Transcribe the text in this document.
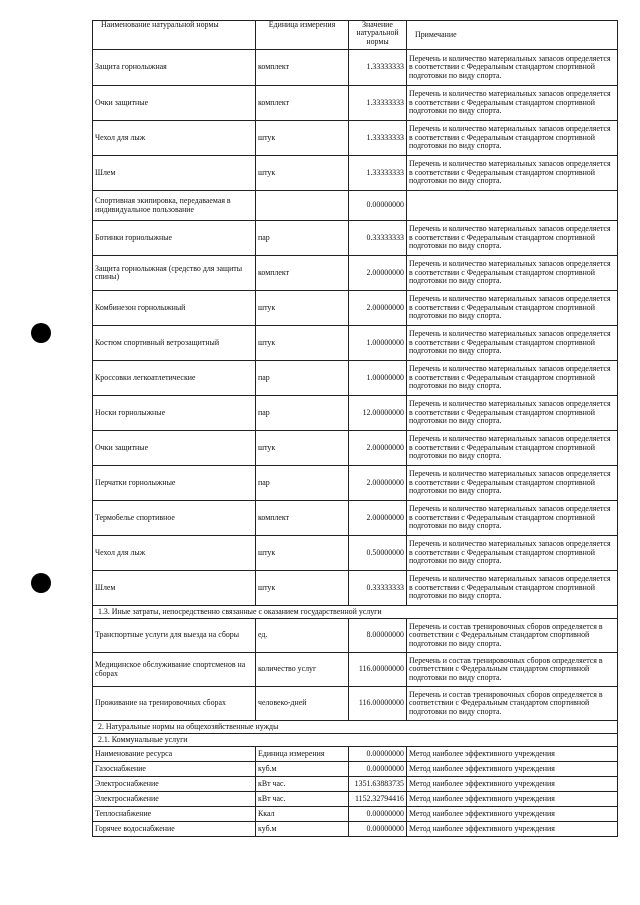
Наименование натуральной нормы	Единица измерения	Значение натуральной нормы	Примечание
Защита горнолыжная	комплект	1.33333333	Перечень и количество материальных запасов определяется в соответствии с Федеральным стандартом спортивной подготовки по виду спорта.
Очки защитные	комплект	1.33333333	Перечень и количество материальных запасов определяется в соответствии с Федеральным стандартом спортивной подготовки по виду спорта.
Чехол для лыж	штук	1.33333333	Перечень и количество материальных запасов определяется в соответствии с Федеральным стандартом спортивной подготовки по виду спорта.
Шлем	штук	1.33333333	Перечень и количество материальных запасов определяется в соответствии с Федеральным стандартом спортивной подготовки по виду спорта.
Спортивная экипировка, передаваемая в индивидуальное пользование		0.00000000	
Ботинки горнолыжные	пар	0.33333333	Перечень и количество материальных запасов определяется в соответствии с Федеральным стандартом спортивной подготовки по виду спорта.
Защита горнолыжная (средство для защиты спины)	комплект	2.00000000	Перечень и количество материальных запасов определяется в соответствии с Федеральным стандартом спортивной подготовки по виду спорта.
Комбинезон горнолыжный	штук	2.00000000	Перечень и количество материальных запасов определяется в соответствии с Федеральным стандартом спортивной подготовки по виду спорта.
Костюм спортивный ветрозащитный	штук	1.00000000	Перечень и количество материальных запасов определяется в соответствии с Федеральным стандартом спортивной подготовки по виду спорта.
Кроссовки легкоатлетические	пар	1.00000000	Перечень и количество материальных запасов определяется в соответствии с Федеральным стандартом спортивной подготовки по виду спорта.
Носки горнолыжные	пар	12.00000000	Перечень и количество материальных запасов определяется в соответствии с Федеральным стандартом спортивной подготовки по виду спорта.
Очки защитные	штук	2.00000000	Перечень и количество материальных запасов определяется в соответствии с Федеральным стандартом спортивной подготовки по виду спорта.
Перчатки горнолыжные	пар	2.00000000	Перечень и количество материальных запасов определяется в соответствии с Федеральным стандартом спортивной подготовки по виду спорта.
Термобелье спортивное	комплект	2.00000000	Перечень и количество материальных запасов определяется в соответствии с Федеральным стандартом спортивной подготовки по виду спорта.
Чехол для лыж	штук	0.50000000	Перечень и количество материальных запасов определяется в соответствии с Федеральным стандартом спортивной подготовки по виду спорта.
Шлем	штук	0.33333333	Перечень и количество материальных запасов определяется в соответствии с Федеральным стандартом спортивной подготовки по виду спорта.
1.3. Иные затраты, непосредственно связанные с оказанием государственной услуги			
Транспортные услуги для выезда на сборы	ед.	8.00000000	Перечень и состав тренировочных сборов определяется в соответствии с Федеральным стандартом спортивной подготовки по виду спорта.
Медицинское обслуживание спортсменов на сборах	количество услуг	116.00000000	Перечень и состав тренировочных сборов определяется в соответствии с Федеральным стандартом спортивной подготовки по виду спорта.
Проживание на тренировочных сборах	человеко-дней	116.00000000	Перечень и состав тренировочных сборов определяется в соответствии с Федеральным стандартом спортивной подготовки по виду спорта.
2. Натуральные нормы на общехозяйственные нужды			
2.1. Коммунальные услуги			
Наименование ресурса	Единица измерения	0.00000000	Метод наиболее эффективного учреждения
Газоснабжение	куб.м	0.00000000	Метод наиболее эффективного учреждения
Электроснабжение	кВт час.	1351.63883735	Метод наиболее эффективного учреждения
Электроснабжение	кВт час.	1152.32794416	Метод наиболее эффективного учреждения
Теплоснабжение	Ккал	0.00000000	Метод наиболее эффективного учреждения
Горячее водоснабжение	куб.м	0.00000000	Метод наиболее эффективного учреждения
